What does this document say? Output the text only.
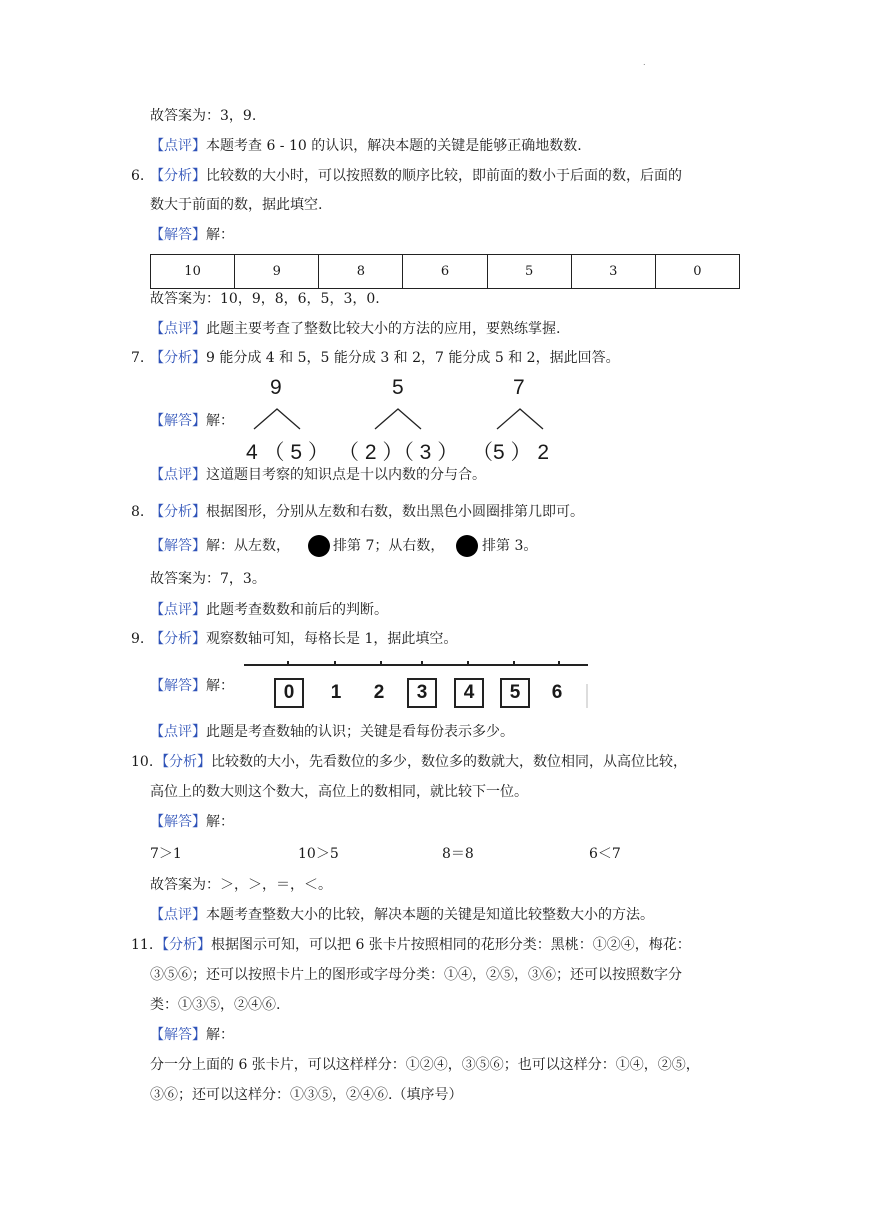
.
故答案为：3，9.
【点评】本题考查 6 - 10 的认识，解决本题的关键是能够正确地数数.
6. 【分析】比较数的大小时，可以按照数的顺序比较，即前面的数小于后面的数，后面的
数大于前面的数，据此填空.
【解答】解：
10	9	8	6	5	3	0
故答案为：10，9，8，6，5，3，0.
【点评】此题主要考查了整数比较大小的方法的应用，要熟练掌握.
7. 【分析】9 能分成 4 和 5，5 能分成 3 和 2，7 能分成 5 和 2，据此回答。
【解答】解：
9	5	7
4 （ 5 ） （ 2 ）（ 3 ） （5 ） 2
【点评】这道题目考察的知识点是十以内数的分与合。
8. 【分析】根据图形，分别从左数和右数，数出黑色小圆圈排第几即可。
【解答】解：从左数，	排第 7；从右数，	排第 3。
故答案为：7，3。
【点评】此题考查数数和前后的判断。
9. 【分析】观察数轴可知，每格长是 1，据此填空。
【解答】解：	0	1	2	3	4	5	6
【点评】此题是考查数轴的认识；关键是看每份表示多少。
10. 【分析】比较数的大小，先看数位的多少，数位多的数就大，数位相同，从高位比较，
高位上的数大则这个数大，高位上的数相同，就比较下一位。
【解答】解：
7＞1	10＞5	8＝8	6＜7
故答案为：＞，＞，＝，＜。
【点评】本题考查整数大小的比较，解决本题的关键是知道比较整数大小的方法。
11. 【分析】根据图示可知，可以把 6 张卡片按照相同的花形分类：黑桃：①②④，梅花：
③⑤⑥；还可以按照卡片上的图形或字母分类：①④，②⑤，③⑥；还可以按照数字分
类：①③⑤，②④⑥.
【解答】解：
分一分上面的 6 张卡片，可以这样样分：①②④，③⑤⑥；也可以这样分：①④，②⑤，
③⑥；还可以这样分：①③⑤，②④⑥.（填序号）
